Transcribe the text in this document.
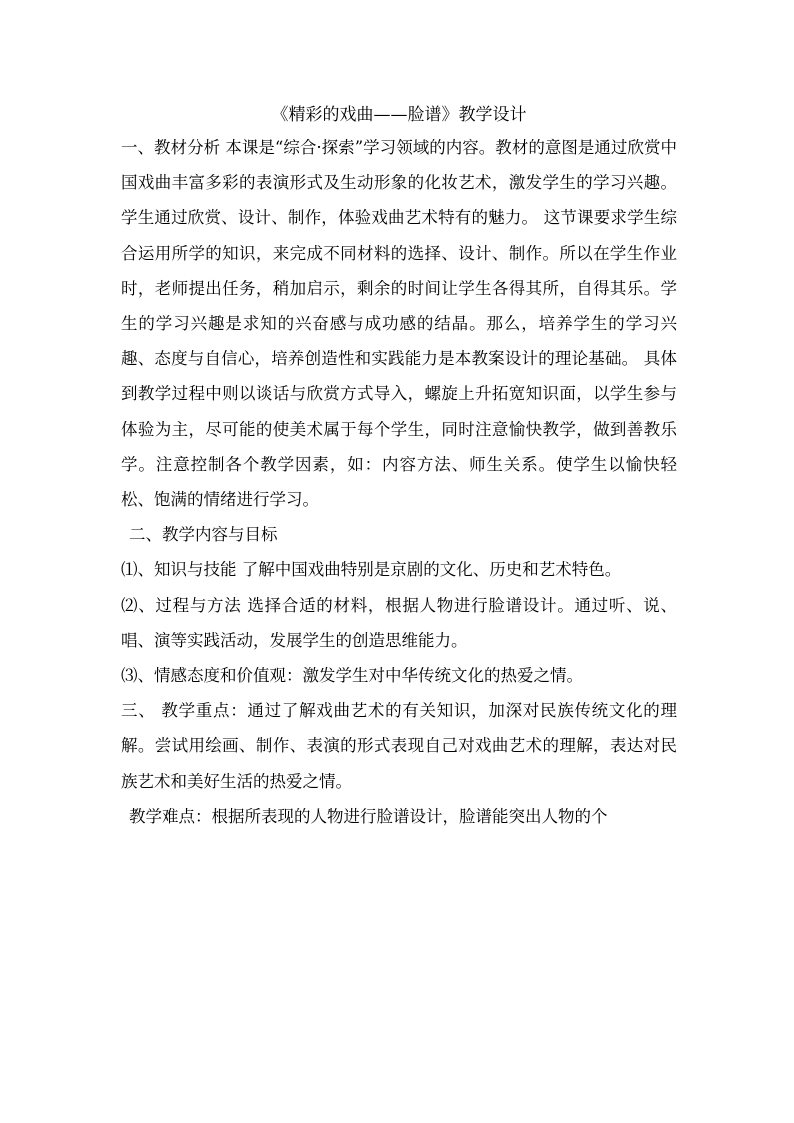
《精彩的戏曲——脸谱》教学设计

一、教材分析 本课是“综合·探索”学习领域的内容。教材的意图是通过欣赏中国戏曲丰富多彩的表演形式及生动形象的化妆艺术，激发学生的学习兴趣。学生通过欣赏、设计、制作，体验戏曲艺术特有的魅力。 这节课要求学生综合运用所学的知识，来完成不同材料的选择、设计、制作。所以在学生作业时，老师提出任务，稍加启示，剩余的时间让学生各得其所，自得其乐。学生的学习兴趣是求知的兴奋感与成功感的结晶。那么，培养学生的学习兴趣、态度与自信心，培养创造性和实践能力是本教案设计的理论基础。 具体到教学过程中则以谈话与欣赏方式导入，螺旋上升拓宽知识面，以学生参与体验为主，尽可能的使美术属于每个学生，同时注意愉快教学，做到善教乐学。注意控制各个教学因素，如：内容方法、师生关系。使学生以愉快轻松、饱满的情绪进行学习。

二、教学内容与目标

⑴、知识与技能 了解中国戏曲特别是京剧的文化、历史和艺术特色。

⑵、过程与方法 选择合适的材料，根据人物进行脸谱设计。通过听、说、唱、演等实践活动，发展学生的创造思维能力。

⑶、情感态度和价值观：激发学生对中华传统文化的热爱之情。

三、 教学重点：通过了解戏曲艺术的有关知识，加深对民族传统文化的理解。尝试用绘画、制作、表演的形式表现自己对戏曲艺术的理解，表达对民族艺术和美好生活的热爱之情。

教学难点：根据所表现的人物进行脸谱设计，脸谱能突出人物的个
